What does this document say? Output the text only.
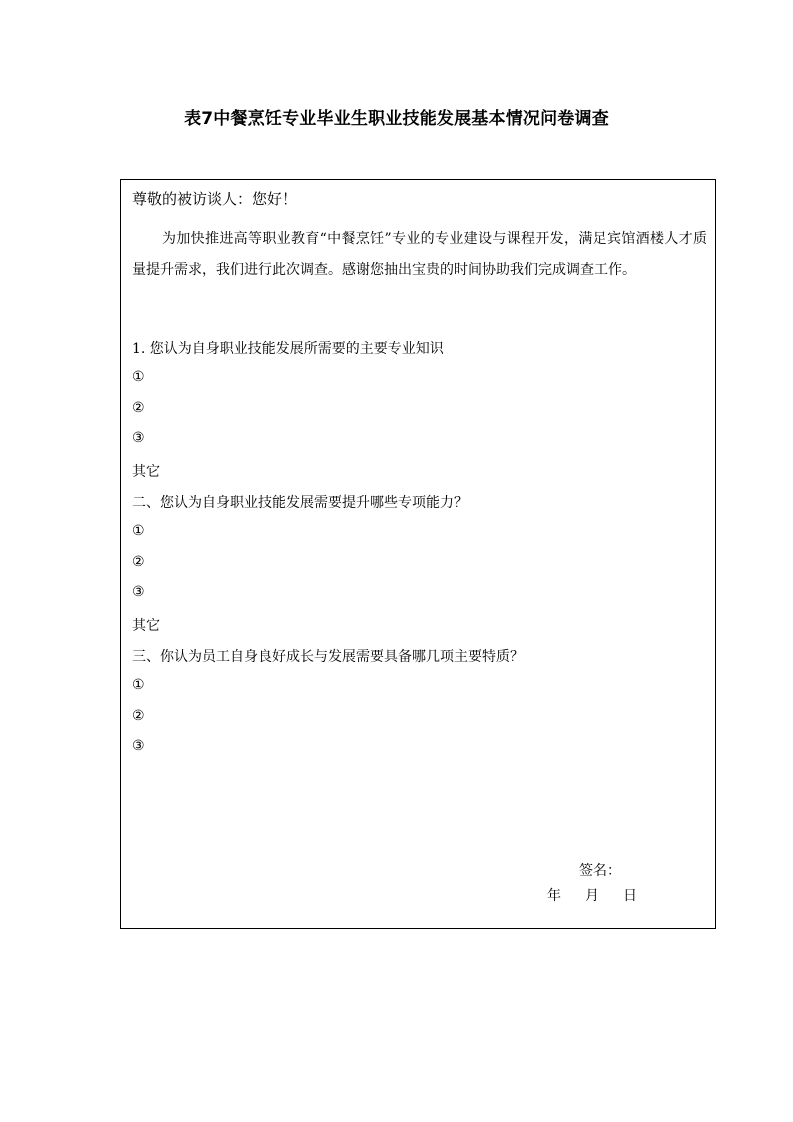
表7中餐烹饪专业毕业生职业技能发展基本情况问卷调查
尊敬的被访谈人：您好！
为加快推进高等职业教育“中餐烹饪”专业的专业建设与课程开发，满足宾馆酒楼人才质量提升需求，我们进行此次调查。感谢您抽出宝贵的时间协助我们完成调查工作。
1. 您认为自身职业技能发展所需要的主要专业知识
①
②
③
其它
二、您认为自身职业技能发展需要提升哪些专项能力？
①
②
③
其它
三、你认为员工自身良好成长与发展需要具备哪几项主要特质？
①
②
③
签名：
年 月 日
